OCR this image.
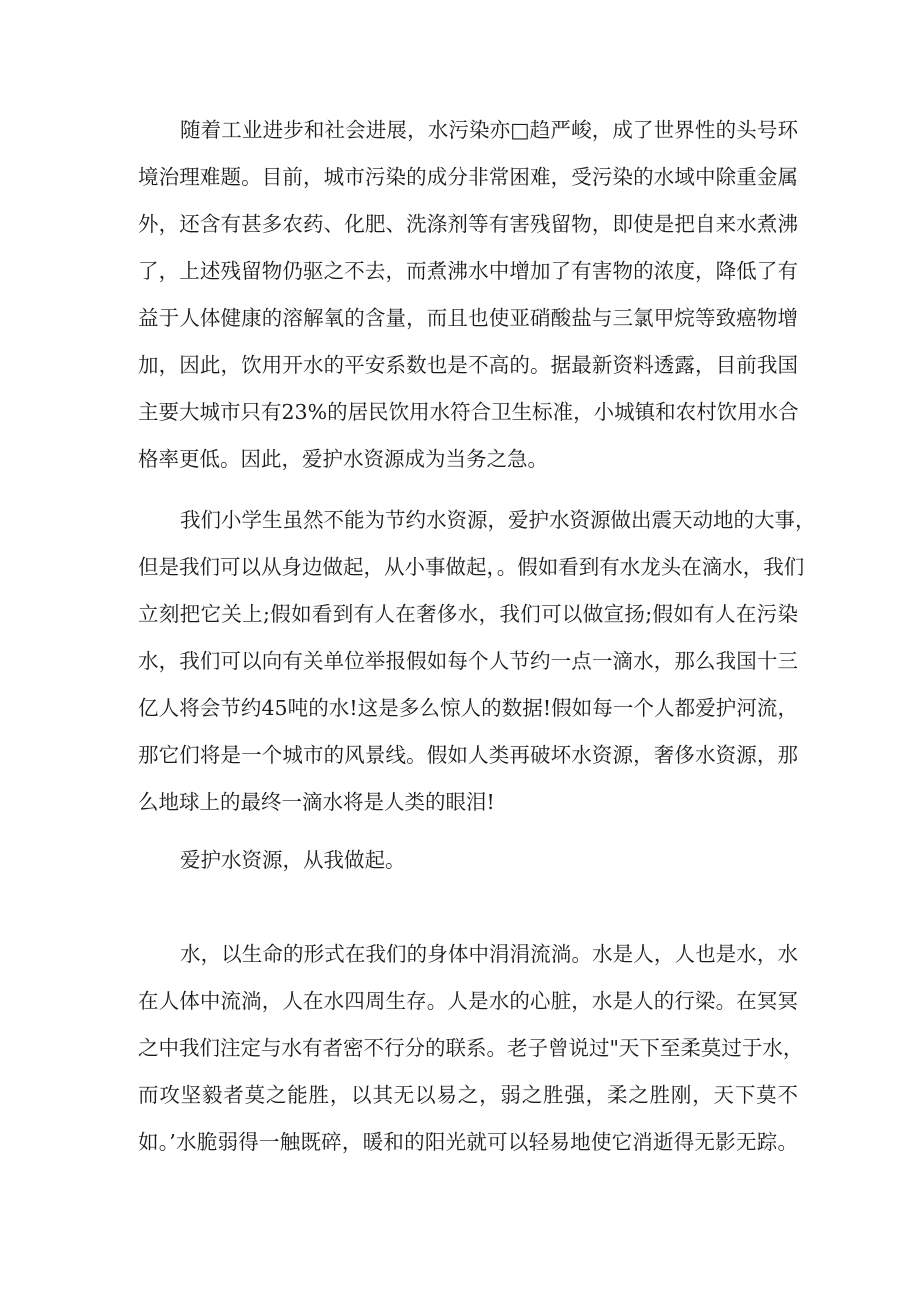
随着工业进步和社会进展，水污染亦□趋严峻，成了世界性的头号环

境治理难题。目前，城市污染的成分非常困难，受污染的水域中除重金属

外，还含有甚多农药、化肥、洗涤剂等有害残留物，即使是把自来水煮沸

了，上述残留物仍驱之不去，而煮沸水中增加了有害物的浓度，降低了有

益于人体健康的溶解氧的含量，而且也使亚硝酸盐与三氯甲烷等致癌物增

加，因此，饮用开水的平安系数也是不高的。据最新资料透露，目前我国

主要大城市只有23%的居民饮用水符合卫生标准，小城镇和农村饮用水合

格率更低。因此，爱护水资源成为当务之急。

我们小学生虽然不能为节约水资源，爱护水资源做出震天动地的大事，

但是我们可以从身边做起，从小事做起，。假如看到有水龙头在滴水，我们

立刻把它关上;假如看到有人在奢侈水，我们可以做宣扬;假如有人在污染

水，我们可以向有关单位举报假如每个人节约一点一滴水，那么我国十三

亿人将会节约45吨的水!这是多么惊人的数据!假如每一个人都爱护河流，

那它们将是一个城市的风景线。假如人类再破坏水资源，奢侈水资源，那

么地球上的最终一滴水将是人类的眼泪!

爱护水资源，从我做起。

水，以生命的形式在我们的身体中涓涓流淌。水是人，人也是水，水

在人体中流淌，人在水四周生存。人是水的心脏，水是人的行梁。在冥冥

之中我们注定与水有者密不行分的联系。老子曾说过"天下至柔莫过于水，

而攻坚毅者莫之能胜，以其无以易之，弱之胜强，柔之胜刚，天下莫不

如。’水脆弱得一触既碎，暖和的阳光就可以轻易地使它消逝得无影无踪。
